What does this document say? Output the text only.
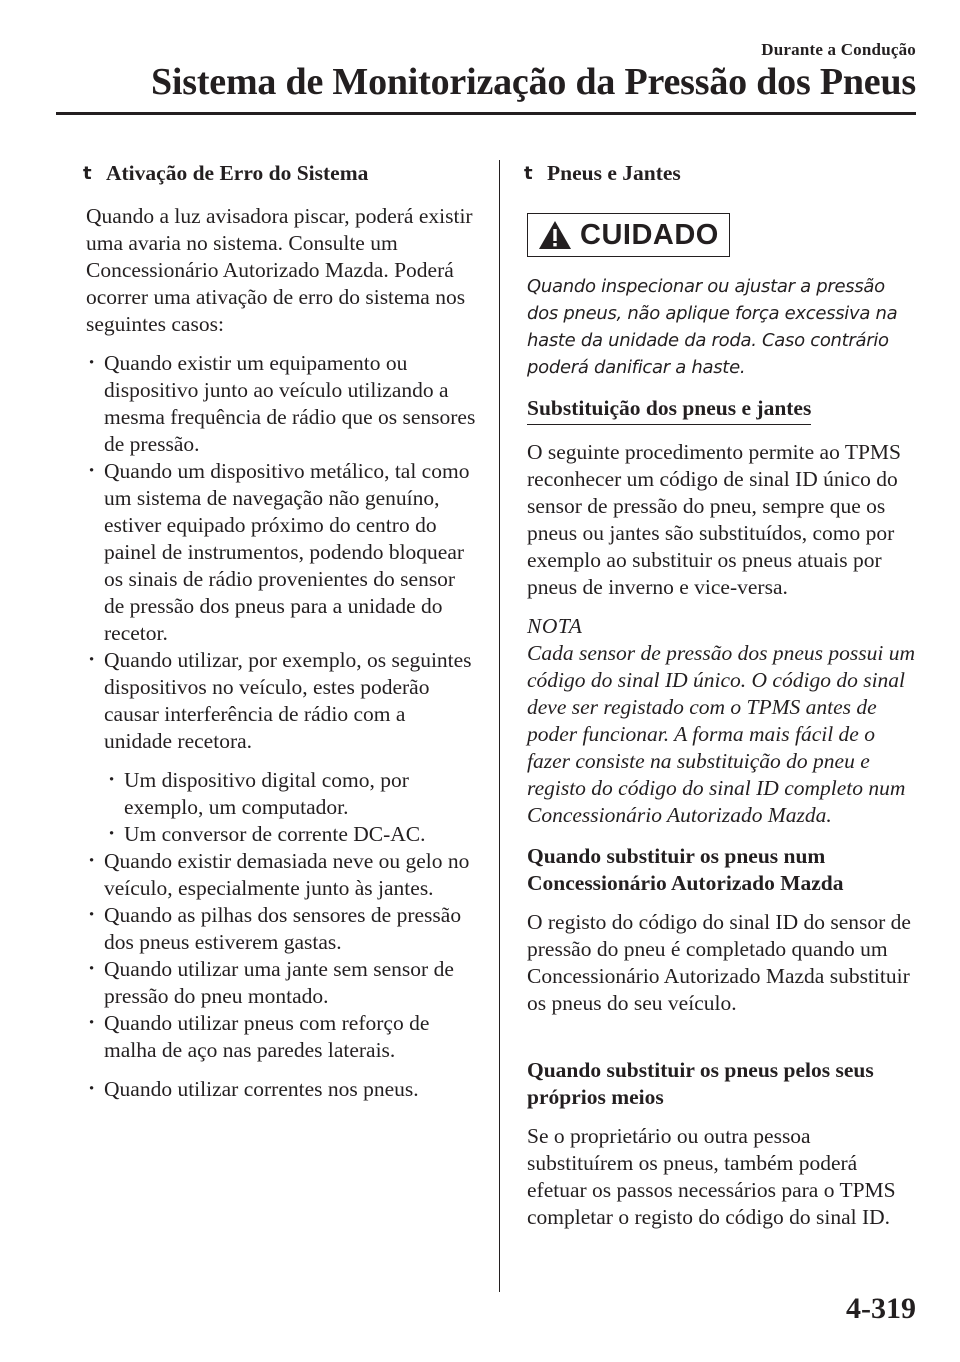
Durante a Condução
Sistema de Monitorização da Pressão dos Pneus
t Ativação de Erro do Sistema

Quando a luz avisadora piscar, poderá existir uma avaria no sistema. Consulte um Concessionário Autorizado Mazda. Poderá ocorrer uma ativação de erro do sistema nos seguintes casos:

· Quando existir um equipamento ou dispositivo junto ao veículo utilizando a mesma frequência de rádio que os sensores de pressão.
· Quando um dispositivo metálico, tal como um sistema de navegação não genuíno, estiver equipado próximo do centro do painel de instrumentos, podendo bloquear os sinais de rádio provenientes do sensor de pressão dos pneus para a unidade do recetor.
· Quando utilizar, por exemplo, os seguintes dispositivos no veículo, estes poderão causar interferência de rádio com a unidade recetora.
· Um dispositivo digital como, por exemplo, um computador.
· Um conversor de corrente DC-AC.
· Quando existir demasiada neve ou gelo no veículo, especialmente junto às jantes.
· Quando as pilhas dos sensores de pressão dos pneus estiverem gastas.
· Quando utilizar uma jante sem sensor de pressão do pneu montado.
· Quando utilizar pneus com reforço de malha de aço nas paredes laterais.
· Quando utilizar correntes nos pneus.
t Pneus e Jantes
CUIDADO
Quando inspecionar ou ajustar a pressão dos pneus, não aplique força excessiva na haste da unidade da roda. Caso contrário poderá danificar a haste.
Substituição dos pneus e jantes

O seguinte procedimento permite ao TPMS reconhecer um código de sinal ID único do sensor de pressão do pneu, sempre que os pneus ou jantes são substituídos, como por exemplo ao substituir os pneus atuais por pneus de inverno e vice-versa.

NOTA
Cada sensor de pressão dos pneus possui um código do sinal ID único. O código do sinal deve ser registado com o TPMS antes de poder funcionar. A forma mais fácil de o fazer consiste na substituição do pneu e registo do código do sinal ID completo num Concessionário Autorizado Mazda.
Quando substituir os pneus num Concessionário Autorizado Mazda

O registo do código do sinal ID do sensor de pressão do pneu é completado quando um Concessionário Autorizado Mazda substituir os pneus do seu veículo.

Quando substituir os pneus pelos seus próprios meios

Se o proprietário ou outra pessoa substituírem os pneus, também poderá efetuar os passos necessários para o TPMS completar o registo do código do sinal ID.

4-319
